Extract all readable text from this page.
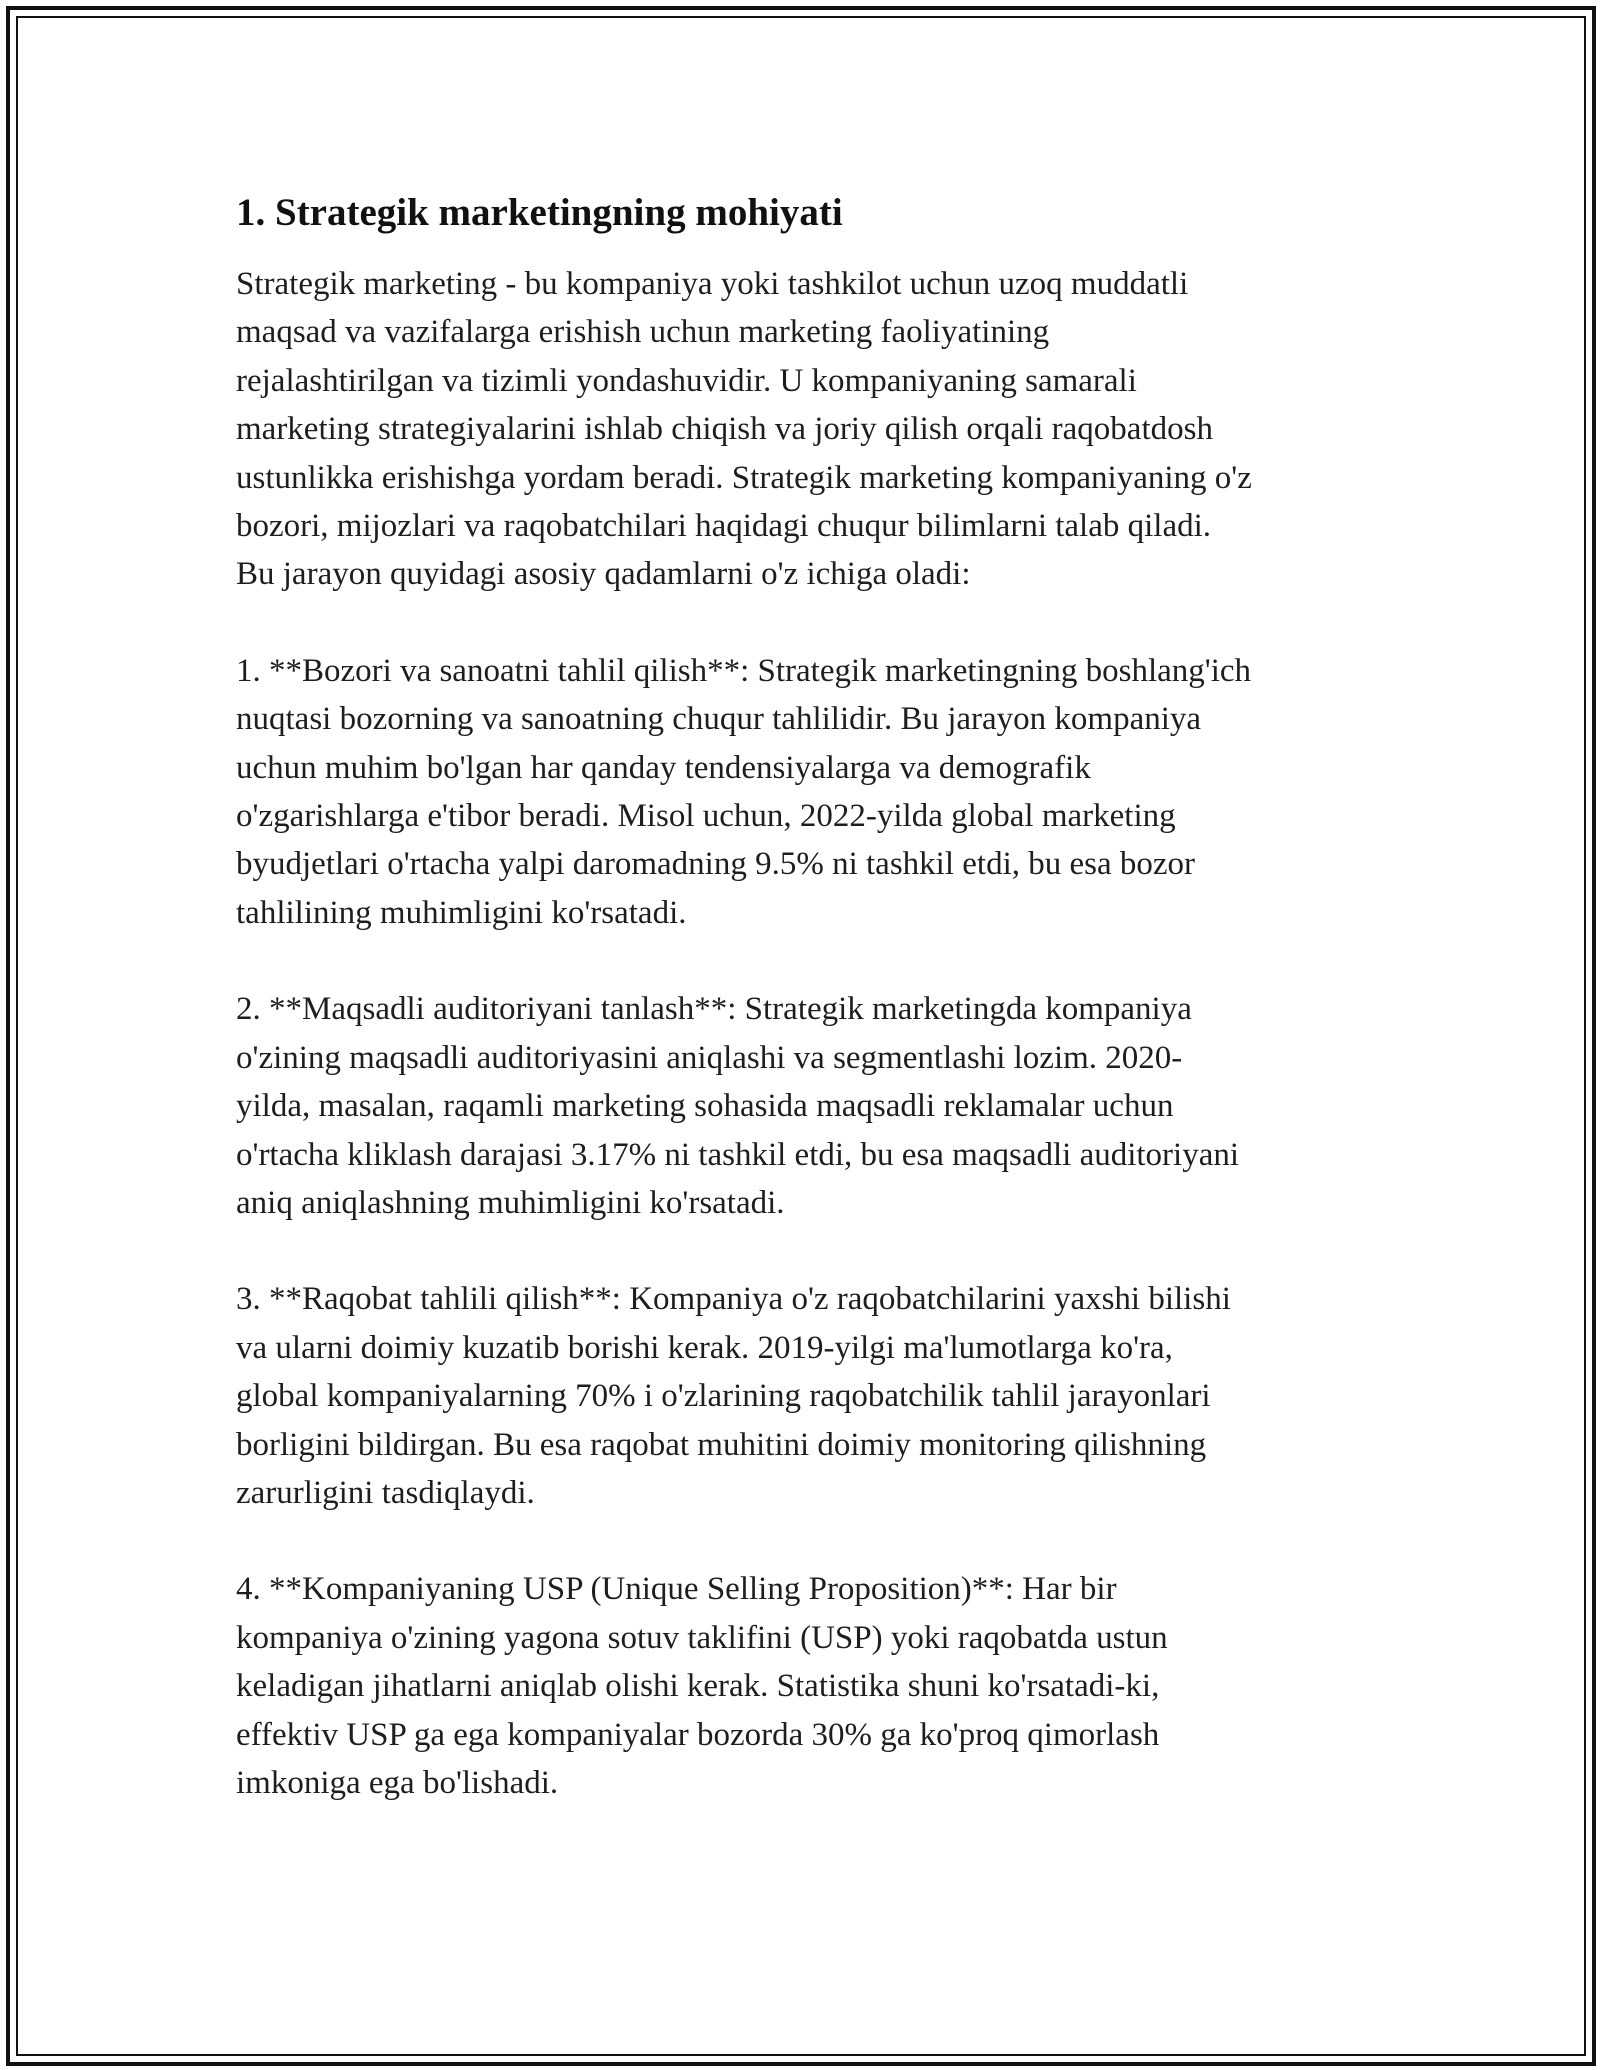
1. Strategik marketingning mohiyati

Strategik marketing - bu kompaniya yoki tashkilot uchun uzoq muddatli
maqsad va vazifalarga erishish uchun marketing faoliyatining
rejalashtirilgan va tizimli yondashuvidir. U kompaniyaning samarali
marketing strategiyalarini ishlab chiqish va joriy qilish orqali raqobatdosh
ustunlikka erishishga yordam beradi. Strategik marketing kompaniyaning o'z
bozori, mijozlari va raqobatchilari haqidagi chuqur bilimlarni talab qiladi.
Bu jarayon quyidagi asosiy qadamlarni o'z ichiga oladi:

1. **Bozori va sanoatni tahlil qilish**: Strategik marketingning boshlang'ich
nuqtasi bozorning va sanoatning chuqur tahlilidir. Bu jarayon kompaniya
uchun muhim bo'lgan har qanday tendensiyalarga va demografik
o'zgarishlarga e'tibor beradi. Misol uchun, 2022-yilda global marketing
byudjetlari o'rtacha yalpi daromadning 9.5% ni tashkil etdi, bu esa bozor
tahlilining muhimligini ko'rsatadi.

2. **Maqsadli auditoriyani tanlash**: Strategik marketingda kompaniya
o'zining maqsadli auditoriyasini aniqlashi va segmentlashi lozim. 2020-
yilda, masalan, raqamli marketing sohasida maqsadli reklamalar uchun
o'rtacha kliklash darajasi 3.17% ni tashkil etdi, bu esa maqsadli auditoriyani
aniq aniqlashning muhimligini ko'rsatadi.

3. **Raqobat tahlili qilish**: Kompaniya o'z raqobatchilarini yaxshi bilishi
va ularni doimiy kuzatib borishi kerak. 2019-yilgi ma'lumotlarga ko'ra,
global kompaniyalarning 70% i o'zlarining raqobatchilik tahlil jarayonlari
borligini bildirgan. Bu esa raqobat muhitini doimiy monitoring qilishning
zarurligini tasdiqlaydi.

4. **Kompaniyaning USP (Unique Selling Proposition)**: Har bir
kompaniya o'zining yagona sotuv taklifini (USP) yoki raqobatda ustun
keladigan jihatlarni aniqlab olishi kerak. Statistika shuni ko'rsatadi-ki,
effektiv USP ga ega kompaniyalar bozorda 30% ga ko'proq qimorlash
imkoniga ega bo'lishadi.
